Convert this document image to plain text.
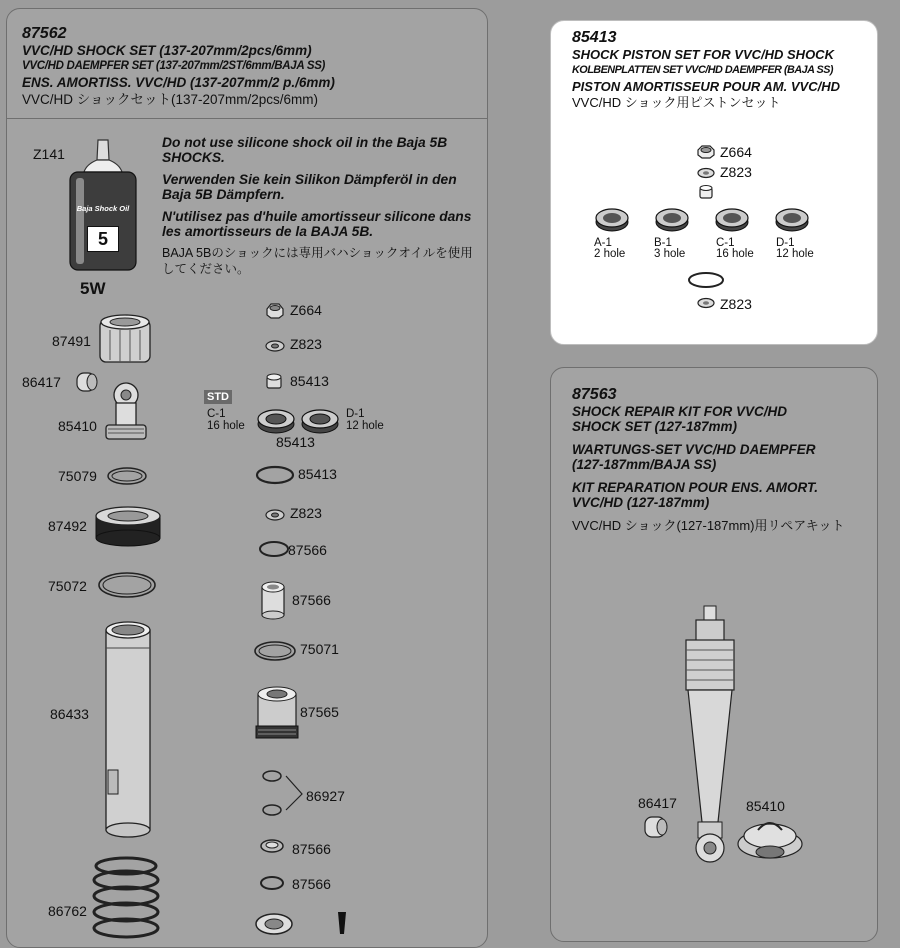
87562
VVC/HD SHOCK SET (137-207mm/2pcs/6mm)
VVC/HD DAEMPFER SET (137-207mm/2ST/6mm/BAJA SS)
ENS. AMORTISS. VVC/HD (137-207mm/2 p./6mm)
VVC/HD ショックセット(137-207mm/2pcs/6mm)
Z141
Baja Shock Oil
5
5W
Do not use silicone shock oil in the Baja 5B SHOCKS.
Verwenden Sie kein Silikon Dämpferöl in den Baja 5B Dämpfern.
N'utilisez pas d'huile amortisseur silicone dans les amortisseurs de la BAJA 5B.
BAJA 5Bのショックには専用バハショックオイルを使用してください。
87491
86417
85410
75079
87492
75072
86433
86762
Z664
Z823
85413
STD
C-1
16 hole
D-1
12 hole
85413
85413
Z823
87566
87566
75071
87565
86927
87566
87566
85413
SHOCK PISTON SET FOR VVC/HD SHOCK
KOLBENPLATTEN SET VVC/HD DAEMPFER (BAJA SS)
PISTON AMORTISSEUR POUR AM. VVC/HD
VVC/HD ショック用ピストンセット
Z664
Z823
A-1
2 hole
B-1
3 hole
C-1
16 hole
D-1
12 hole
Z823
87563
SHOCK REPAIR KIT FOR VVC/HD
SHOCK SET (127-187mm)
WARTUNGS-SET VVC/HD DAEMPFER
(127-187mm/BAJA SS)
KIT REPARATION POUR ENS. AMORT.
VVC/HD (127-187mm)
VVC/HD ショック(127-187mm)用リペアキット
86417	85410
